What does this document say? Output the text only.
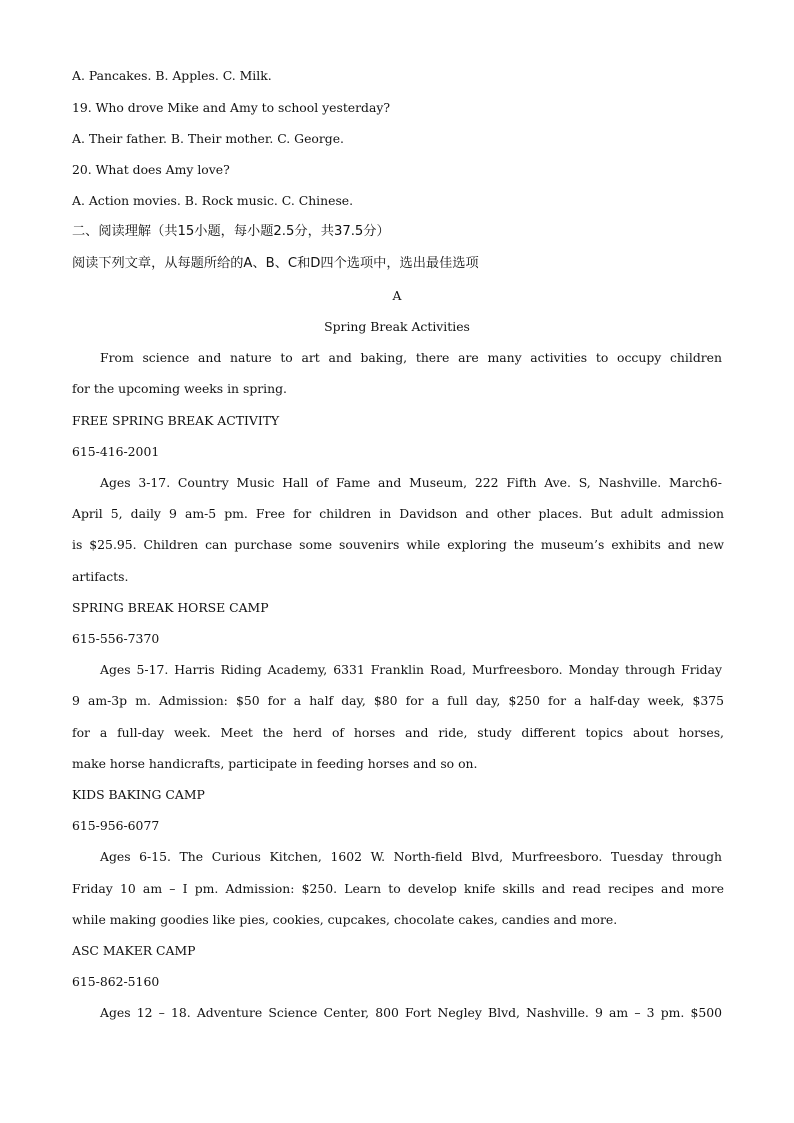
A. Pancakes. B. Apples. C. Milk.
19. Who drove Mike and Amy to school yesterday?
A. Their father. B. Their mother. C. George.
20. What does Amy love?
A. Action movies. B. Rock music. C. Chinese.
二、阅读理解（共15小题，每小题2.5分，共37.5分）
阅读下列文章，从每题所给的A、B、C和D四个选项中，选出最佳选项
A
Spring Break Activities
From science and nature to art and baking, there are many activities to occupy children
for the upcoming weeks in spring.
FREE SPRING BREAK ACTIVITY
615-416-2001
Ages 3-17. Country Music Hall of Fame and Museum, 222 Fifth Ave. S, Nashville. March6-
April 5, daily 9 am-5 pm. Free for children in Davidson and other places. But adult admission
is $25.95. Children can purchase some souvenirs while exploring the museum’s exhibits and new
artifacts.
SPRING BREAK HORSE CAMP
615-556-7370
Ages 5-17. Harris Riding Academy, 6331 Franklin Road, Murfreesboro. Monday through Friday
9 am-3p m. Admission: $50 for a half day, $80 for a full day, $250 for a half-day week, $375
for a full-day week. Meet the herd of horses and ride, study different topics about horses,
make horse handicrafts, participate in feeding horses and so on.
KIDS BAKING CAMP
615-956-6077
Ages 6-15. The Curious Kitchen, 1602 W. North-field Blvd, Murfreesboro. Tuesday through
Friday 10 am – I pm. Admission: $250. Learn to develop knife skills and read recipes and more
while making goodies like pies, cookies, cupcakes, chocolate cakes, candies and more.
ASC MAKER CAMP
615-862-5160
Ages 12 – 18. Adventure Science Center, 800 Fort Negley Blvd, Nashville. 9 am – 3 pm. $500
